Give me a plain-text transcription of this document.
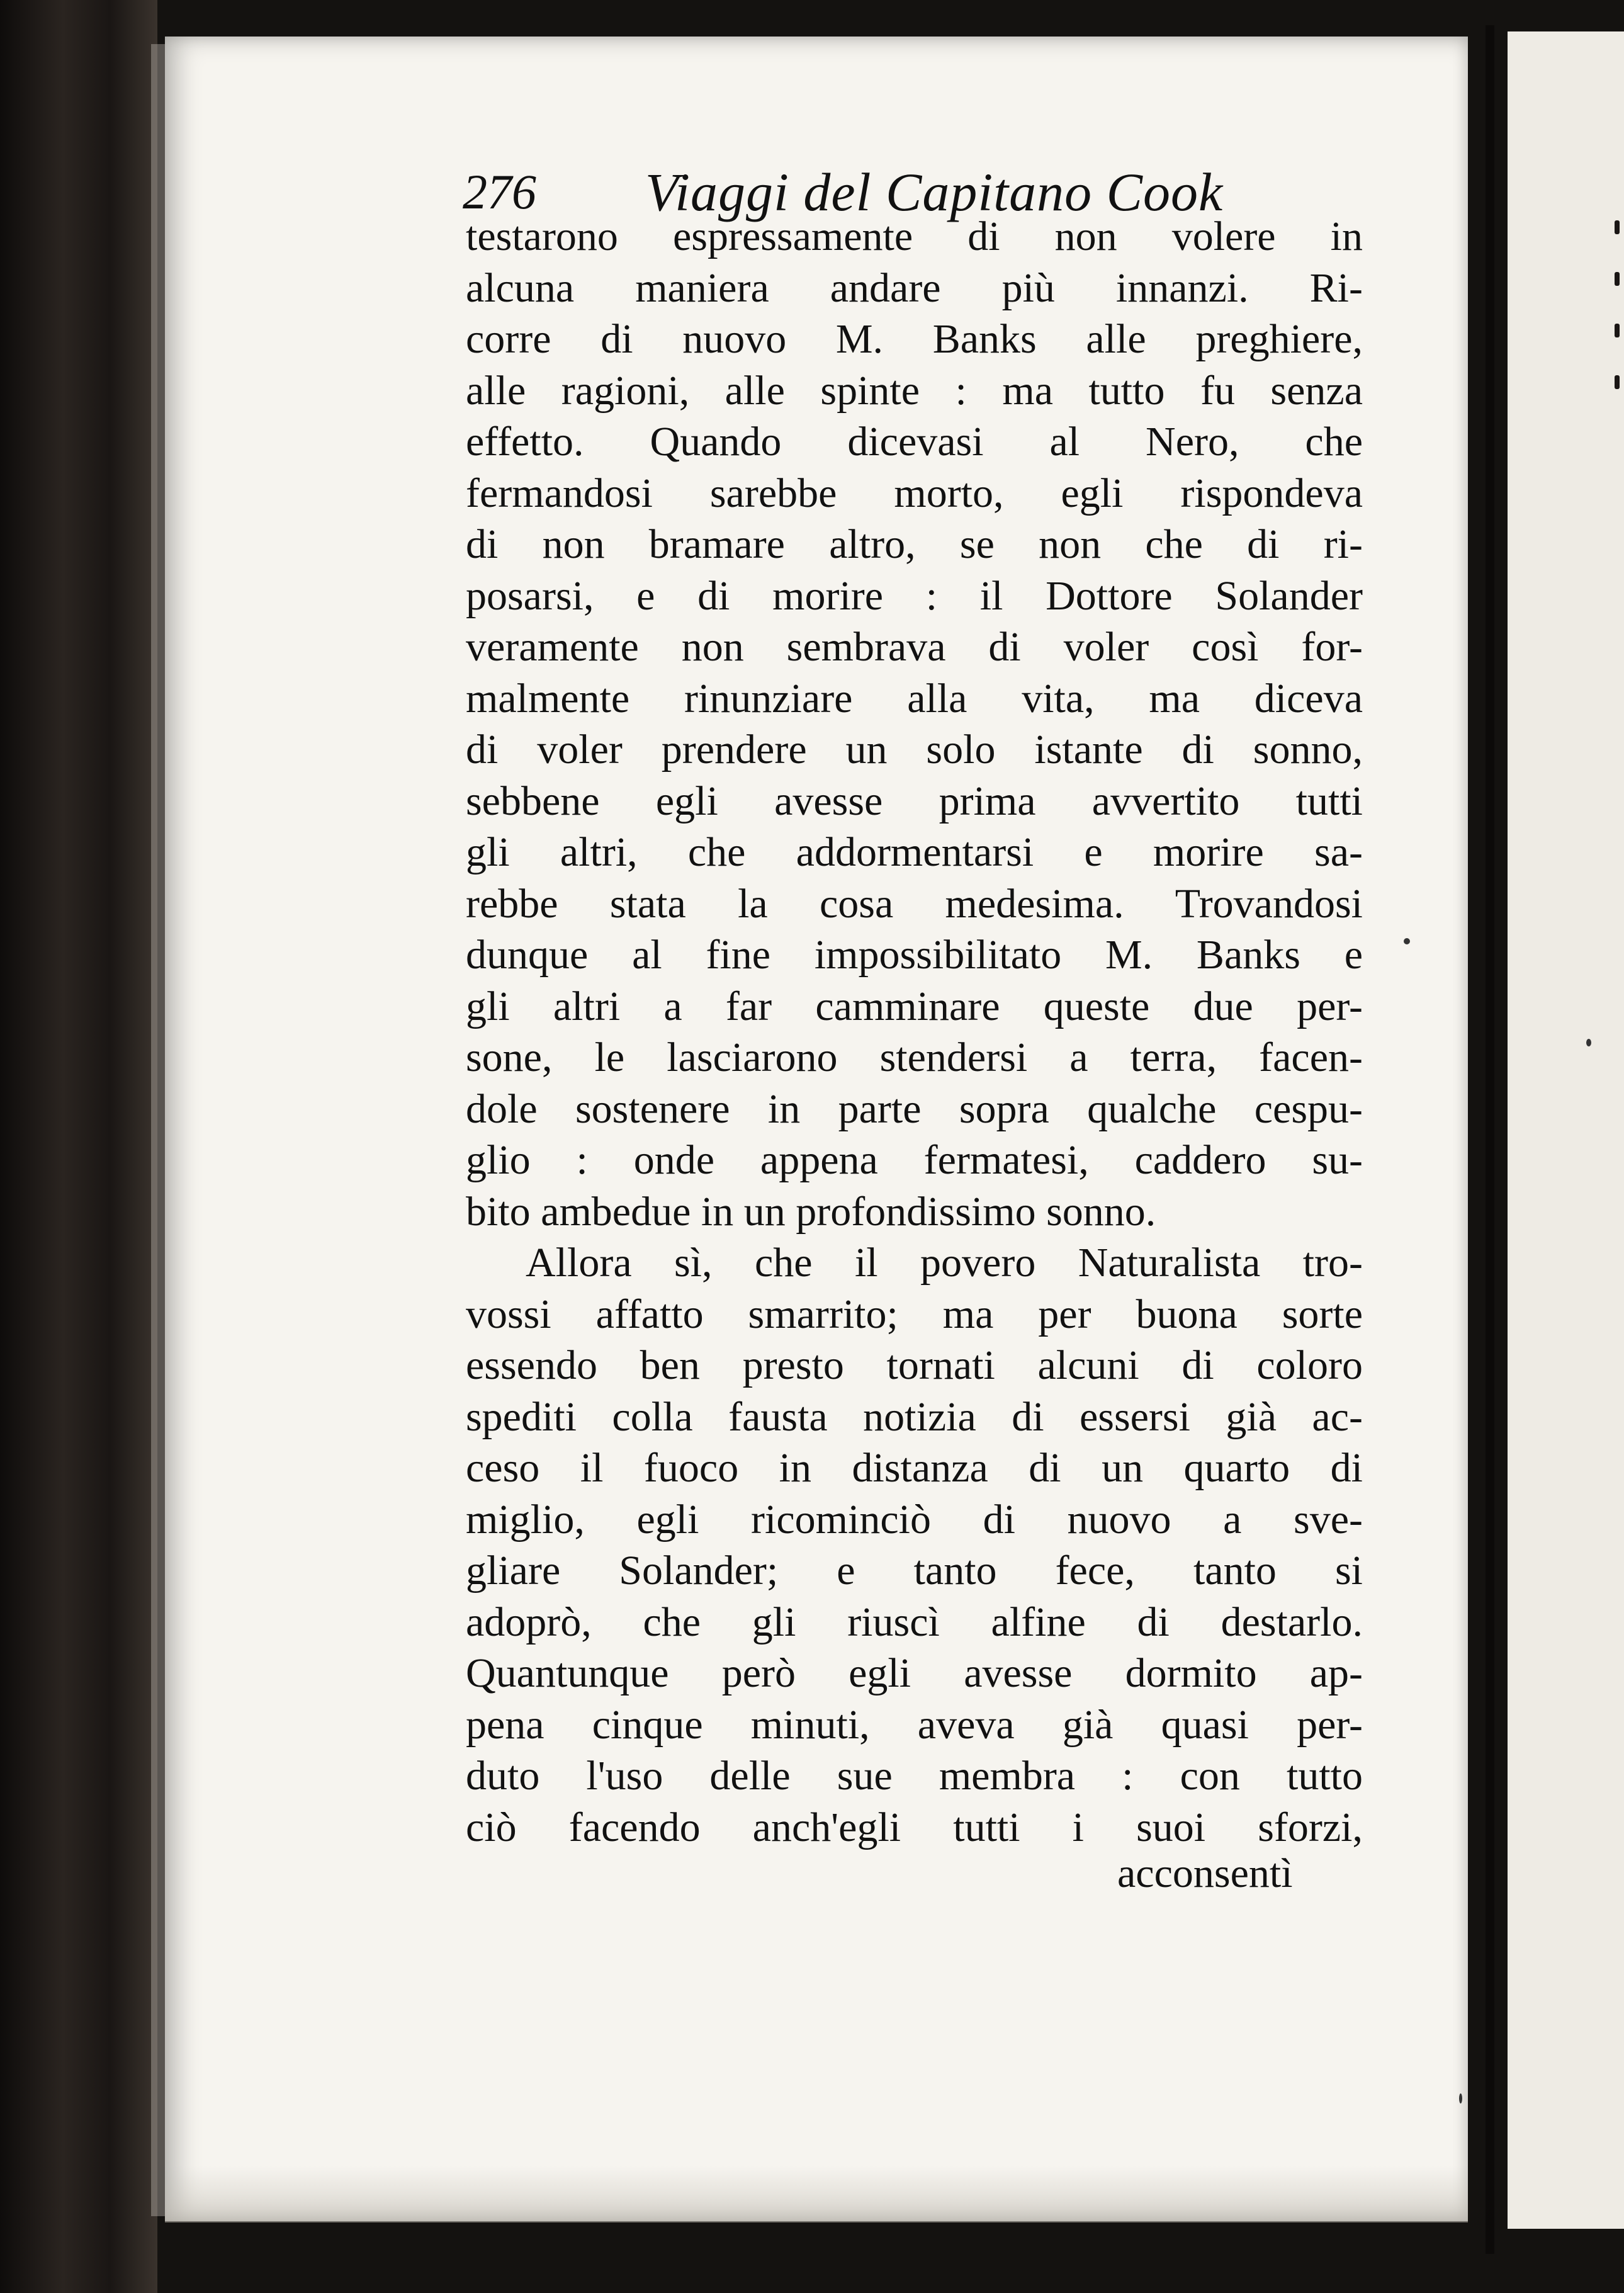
276 Viaggi del Capitano Cook
testarono espressamente di non volere in
alcuna maniera andare più innanzi. Ri-
corre di nuovo M. Banks alle preghiere,
alle ragioni, alle spinte : ma tutto fu senza
effetto. Quando dicevasi al Nero, che
fermandosi sarebbe morto, egli rispondeva
di non bramare altro, se non che di ri-
posarsi, e di morire : il Dottore Solander
veramente non sembrava di voler così for-
malmente rinunziare alla vita, ma diceva
di voler prendere un solo istante di sonno,
sebbene egli avesse prima avvertito tutti
gli altri, che addormentarsi e morire sa-
rebbe stata la cosa medesima. Trovandosi
dunque al fine impossibilitato M. Banks e
gli altri a far camminare queste due per-
sone, le lasciarono stendersi a terra, facen-
dole sostenere in parte sopra qualche cespu-
glio : onde appena fermatesi, caddero su-
bito ambedue in un profondissimo sonno.
Allora sì, che il povero Naturalista tro-
vossi affatto smarrito; ma per buona sorte
essendo ben presto tornati alcuni di coloro
spediti colla fausta notizia di essersi già ac-
ceso il fuoco in distanza di un quarto di
miglio, egli ricominciò di nuovo a sve-
gliare Solander; e tanto fece, tanto si
adoprò, che gli riuscì alfine di destarlo.
Quantunque però egli avesse dormito ap-
pena cinque minuti, aveva già quasi per-
duto l'uso delle sue membra : con tutto
ciò facendo anch'egli tutti i suoi sforzi,
acconsentì
